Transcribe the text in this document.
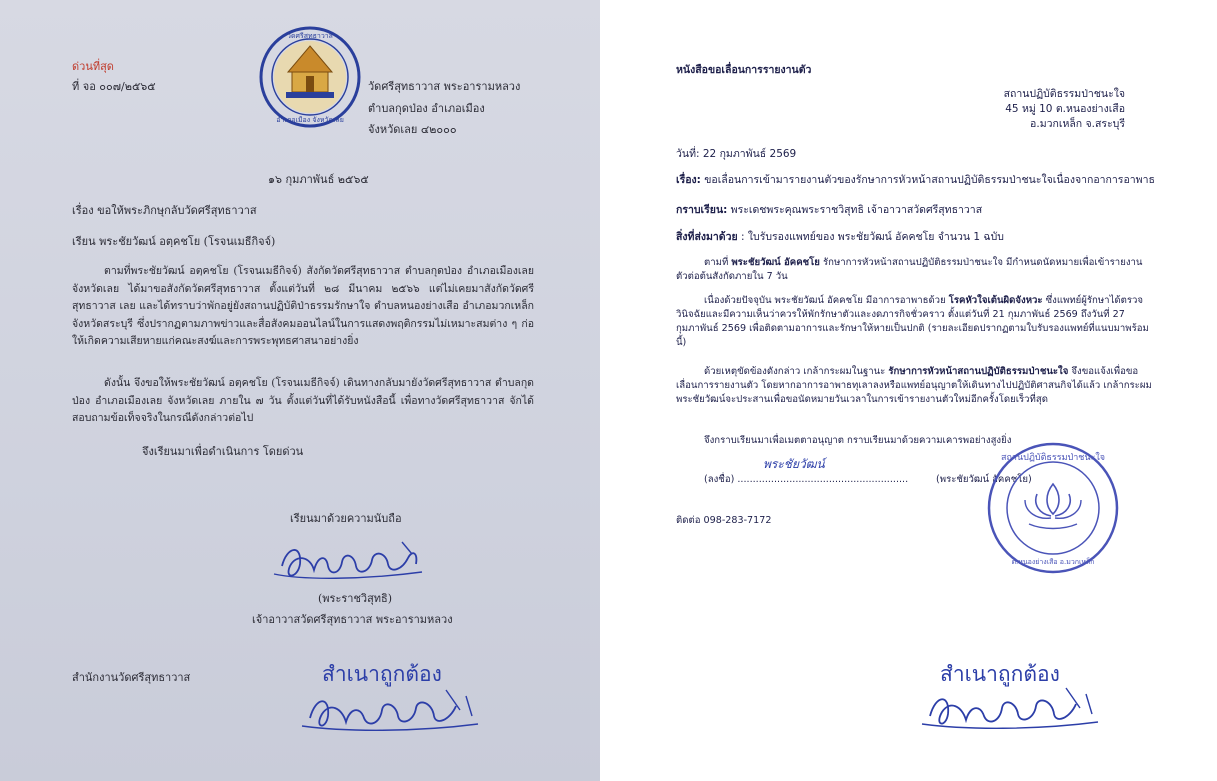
วัดศรีสุทธาวาส
อำเภอเมือง จังหวัดเลย
ด่วนที่สุด
ที่ จอ ๐๐๗/๒๕๖๕	วัดศรีสุทธาวาส พระอารามหลวง
ตำบลกุดป่อง อำเภอเมือง
จังหวัดเลย ๔๒๐๐๐
๑๖ กุมภาพันธ์ ๒๕๖๕
เรื่อง ขอให้พระภิกษุกลับวัดศรีสุทธาวาส
เรียน พระชัยวัฒน์ อตฺคชโย (โรจนเมธีกิจจ์)
ตามที่พระชัยวัฒน์ อตฺคชโย (โรจนเมธีกิจจ์) สังกัดวัดศรีสุทธาวาส ตำบลกุดป่อง อำเภอเมืองเลย จังหวัดเลย ได้มาขอสังกัดวัดศรีสุทธาวาส ตั้งแต่วันที่ ๒๘ มีนาคม ๒๕๖๖ แต่ไม่เคยมาสังกัดวัดศรีสุทธาวาส เลย และได้ทราบว่าพักอยู่ยังสถานปฏิบัติป่าธรรมรักษาใจ ตำบลหนองย่างเสือ อำเภอมวกเหล็ก จังหวัดสระบุรี ซึ่งปรากฏตามภาพข่าวและสื่อสังคมออนไลน์ในการแสดงพฤติกรรมไม่เหมาะสมต่าง ๆ ก่อให้เกิดความเสียหายแก่คณะสงฆ์และการพระพุทธศาสนาอย่างยิ่ง
ดังนั้น จึงขอให้พระชัยวัฒน์ อตฺคชโย (โรจนเมธีกิจจ์) เดินทางกลับมายังวัดศรีสุทธาวาส ตำบลกุดป่อง อำเภอเมืองเลย จังหวัดเลย ภายใน ๗ วัน ตั้งแต่วันที่ได้รับหนังสือนี้ เพื่อทางวัดศรีสุทธาวาส จักได้สอบถามข้อเท็จจริงในกรณีดังกล่าวต่อไป
จึงเรียนมาเพื่อดำเนินการ โดยด่วน
เรียนมาด้วยความนับถือ
(พระราชวิสุทธิ)
เจ้าอาวาสวัดศรีสุทธาวาส พระอารามหลวง
สำนักงานวัดศรีสุทธาวาส	สำเนาถูกต้อง
หนังสือขอเลื่อนการรายงานตัว
สถานปฏิบัติธรรมป่าชนะใจ
45 หมู่ 10 ต.หนองย่างเสือ
อ.มวกเหล็ก จ.สระบุรี
วันที่: 22 กุมภาพันธ์ 2569
เรื่อง: ขอเลื่อนการเข้ามารายงานตัวของรักษาการหัวหน้าสถานปฏิบัติธรรมป่าชนะใจเนื่องจากอาการอาพาธ
กราบเรียน: พระเดชพระคุณพระราชวิสุทธิ เจ้าอาวาสวัดศรีสุทธาวาส
สิ่งที่ส่งมาด้วย : ใบรับรองแพทย์ของ พระชัยวัฒน์ อัคคชโย จำนวน 1 ฉบับ
ตามที่ พระชัยวัฒน์ อัคคชโย รักษาการหัวหน้าสถานปฏิบัติธรรมป่าชนะใจ มีกำหนดนัดหมายเพื่อเข้ารายงานตัวต่อต้นสังกัดภายใน 7 วัน
เนื่องด้วยปัจจุบัน พระชัยวัฒน์ อัคคชโย มีอาการอาพาธด้วย โรคหัวใจเต้นผิดจังหวะ ซึ่งแพทย์ผู้รักษาได้ตรวจวินิจฉัยและมีความเห็นว่าควรให้พักรักษาตัวและงดภารกิจชั่วคราว ตั้งแต่วันที่ 21 กุมภาพันธ์ 2569 ถึงวันที่ 27 กุมภาพันธ์ 2569 เพื่อติดตามอาการและรักษาให้หายเป็นปกติ (รายละเอียดปรากฏตามใบรับรองแพทย์ที่แนบมาพร้อมนี้)
ด้วยเหตุขัดข้องดังกล่าว เกล้ากระผมในฐานะ รักษาการหัวหน้าสถานปฏิบัติธรรมป่าชนะใจ จึงขอแจ้งเพื่อขอเลื่อนการรายงานตัว โดยหากอาการอาพาธทุเลาลงหรือแพทย์อนุญาตให้เดินทางไปปฏิบัติศาสนกิจได้แล้ว เกล้ากระผมพระชัยวัฒน์จะประสานเพื่อขอนัดหมายวันเวลาในการเข้ารายงานตัวใหม่อีกครั้งโดยเร็วที่สุด
จึงกราบเรียนมาเพื่อเมตตาอนุญาต กราบเรียนมาด้วยความเคารพอย่างสูงยิ่ง
พระชัยวัฒน์
(ลงชื่อ) ........................................................	(พระชัยวัฒน์ อัคคชโย)
ติดต่อ 098-283-7172
สถานปฏิบัติธรรมป่าชนะใจ
ต.หนองย่างเสือ อ.มวกเหล็ก
สำเนาถูกต้อง
